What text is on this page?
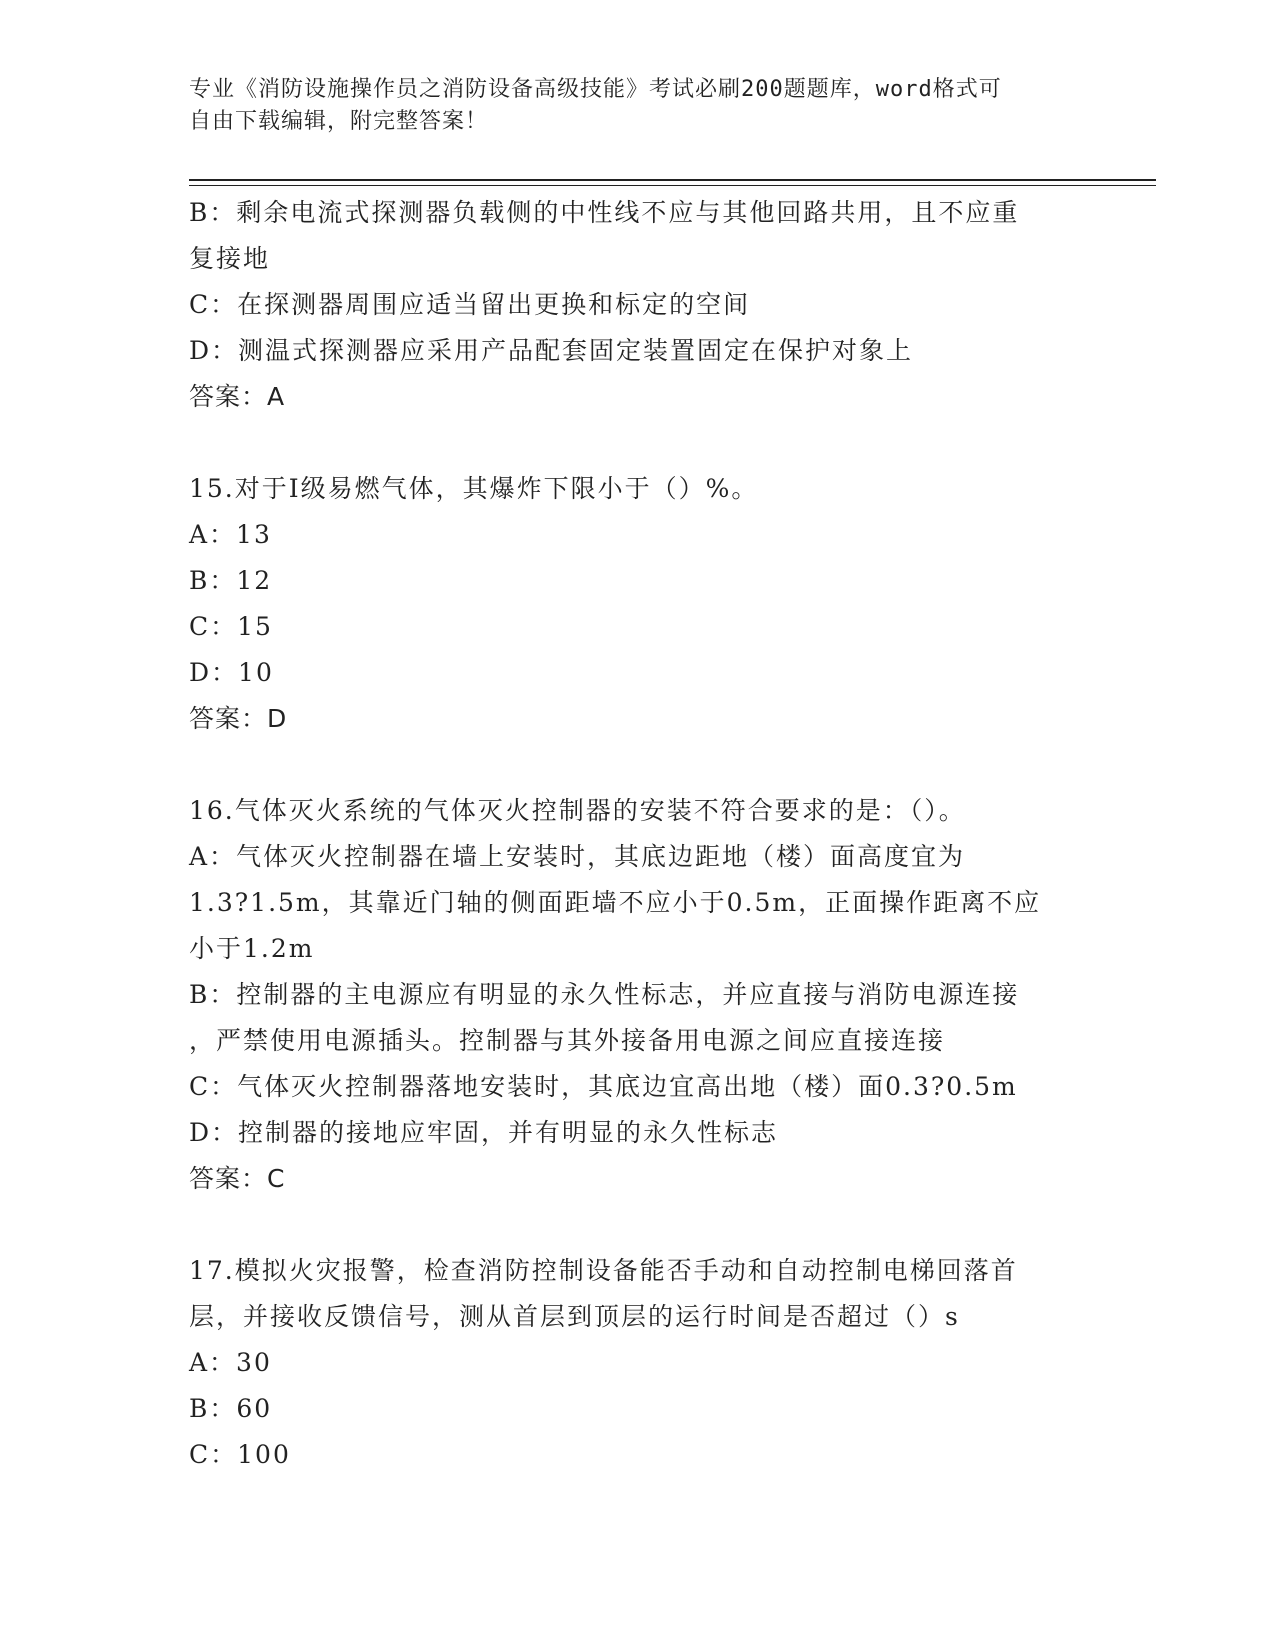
专业《消防设施操作员之消防设备高级技能》考试必刷200题题库，word格式可
自由下载编辑，附完整答案！
B：剩余电流式探测器负载侧的中性线不应与其他回路共用，且不应重
复接地
C：在探测器周围应适当留出更换和标定的空间
D：测温式探测器应采用产品配套固定装置固定在保护对象上
答案：A
15.对于Ⅰ级易燃气体，其爆炸下限小于（）%。
A：13
B：12
C：15
D：10
答案：D
16.气体灭火系统的气体灭火控制器的安装不符合要求的是：（）。
A：气体灭火控制器在墙上安装时，其底边距地（楼）面高度宜为
1.3?1.5m，其靠近门轴的侧面距墙不应小于0.5m，正面操作距离不应
小于1.2m
B：控制器的主电源应有明显的永久性标志，并应直接与消防电源连接
，严禁使用电源插头。控制器与其外接备用电源之间应直接连接
C：气体灭火控制器落地安装时，其底边宜高出地（楼）面0.3?0.5m
D：控制器的接地应牢固，并有明显的永久性标志
答案：C
17.模拟火灾报警，检查消防控制设备能否手动和自动控制电梯回落首
层，并接收反馈信号，测从首层到顶层的运行时间是否超过（）s
A：30
B：60
C：100
